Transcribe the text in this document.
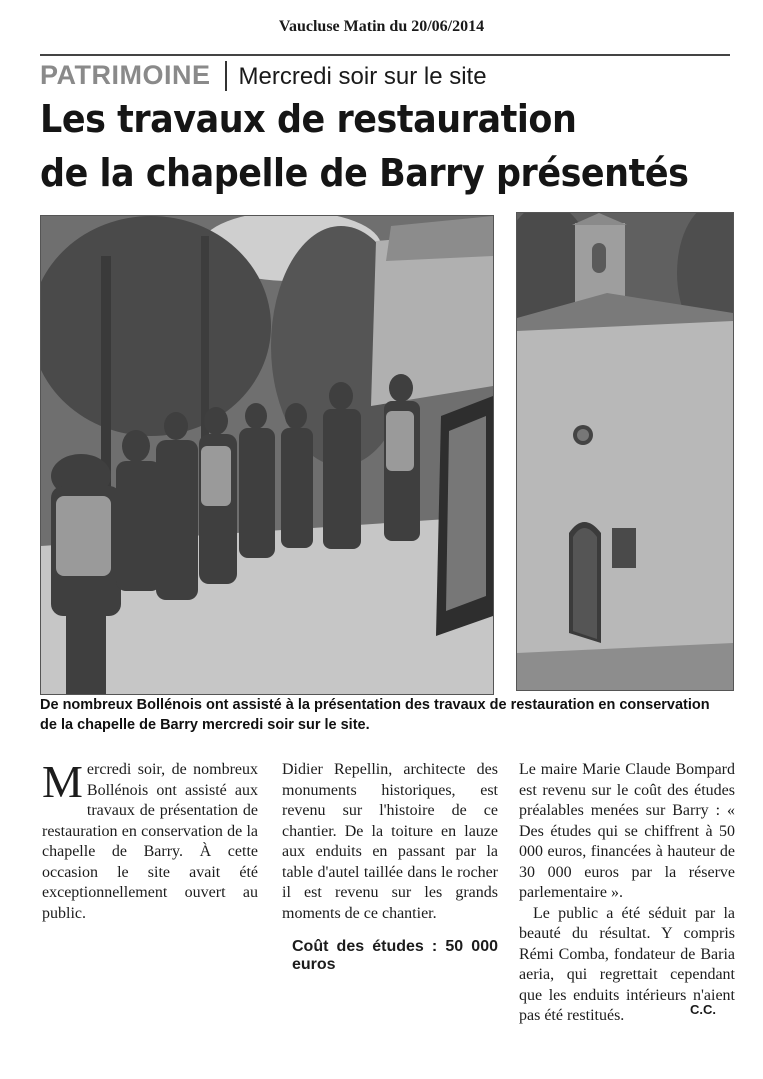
Vaucluse Matin du 20/06/2014
PATRIMOINE Mercredi soir sur le site
Les travaux de restauration
de la chapelle de Barry présentés
De nombreux Bollénois ont assisté à la présentation des travaux de restauration en conservation de la chapelle de Barry mercredi soir sur le site.

Mercredi soir, de nombreux Bollénois ont assisté aux travaux de présentation de restauration en conservation de la chapelle de Barry. À cette occasion le site avait été exceptionnellement ouvert au public.

Didier Repellin, architecte des monuments historiques, est revenu sur l'histoire de ce chantier. De la toiture en lauze aux enduits en passant par la table d'autel taillée dans le rocher il est revenu sur les grands moments de ce chantier.

Coût des études : 50 000 euros

Le maire Marie Claude Bompard est revenu sur le coût des études préalables menées sur Barry : « Des études qui se chiffrent à 50 000 euros, financées à hauteur de 30 000 euros par la réserve parlementaire ».

Le public a été séduit par la beauté du résultat. Y compris Rémi Comba, fondateur de Baria aeria, qui regrettait cependant que les enduits intérieurs n'aient pas été restitués.	C.C.
